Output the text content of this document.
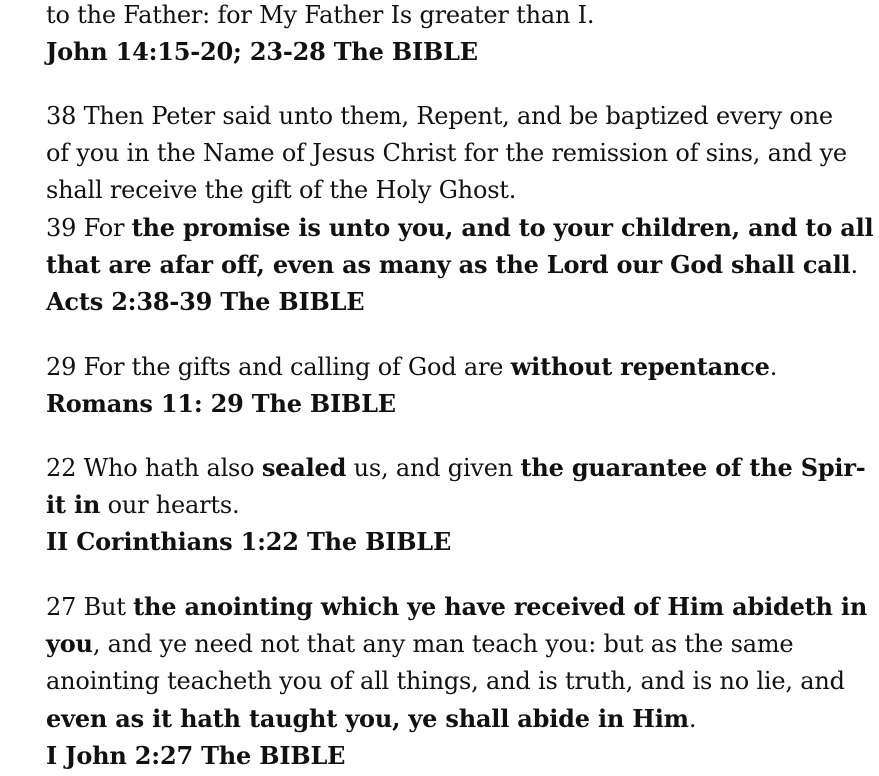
to the Father: for My Father Is greater than I.
John 14:15-20; 23-28 The BIBLE
38 Then Peter said unto them, Repent, and be baptized every one
of you in the Name of Jesus Christ for the remission of sins, and ye
shall receive the gift of the Holy Ghost.
39 For the promise is unto you, and to your children, and to all
that are afar off, even as many as the Lord our God shall call.
Acts 2:38-39 The BIBLE
29 For the gifts and calling of God are without repentance.
Romans 11: 29 The BIBLE
22 Who hath also sealed us, and given the guarantee of the Spir-
it in our hearts.
II Corinthians 1:22 The BIBLE
27 But the anointing which ye have received of Him abideth in
you, and ye need not that any man teach you: but as the same
anointing teacheth you of all things, and is truth, and is no lie, and
even as it hath taught you, ye shall abide in Him.
I John 2:27 The BIBLE
